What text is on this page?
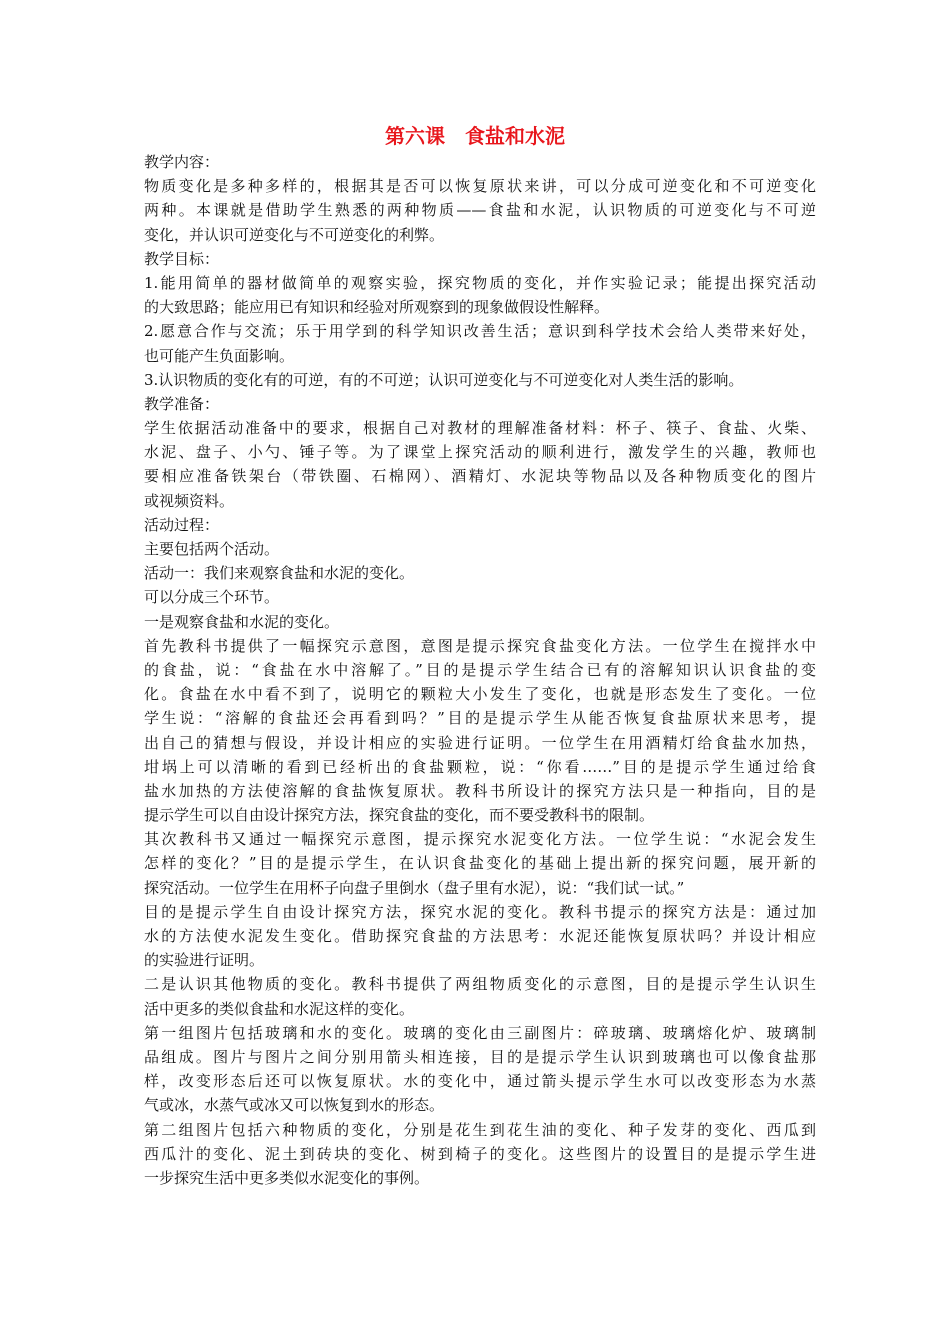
第六课　食盐和水泥
教学内容：
物质变化是多种多样的，根据其是否可以恢复原状来讲，可以分成可逆变化和不可逆变化
两种。本课就是借助学生熟悉的两种物质——食盐和水泥，认识物质的可逆变化与不可逆
变化，并认识可逆变化与不可逆变化的利弊。
教学目标：
1.能用简单的器材做简单的观察实验，探究物质的变化，并作实验记录；能提出探究活动
的大致思路；能应用已有知识和经验对所观察到的现象做假设性解释。
2.愿意合作与交流；乐于用学到的科学知识改善生活；意识到科学技术会给人类带来好处，
也可能产生负面影响。
3.认识物质的变化有的可逆，有的不可逆；认识可逆变化与不可逆变化对人类生活的影响。
教学准备：
学生依据活动准备中的要求，根据自己对教材的理解准备材料：杯子、筷子、食盐、火柴、
水泥、盘子、小勺、锤子等。为了课堂上探究活动的顺利进行，激发学生的兴趣，教师也
要相应准备铁架台（带铁圈、石棉网）、酒精灯、水泥块等物品以及各种物质变化的图片
或视频资料。
活动过程：
主要包括两个活动。
活动一：我们来观察食盐和水泥的变化。
可以分成三个环节。
一是观察食盐和水泥的变化。
首先教科书提供了一幅探究示意图，意图是提示探究食盐变化方法。一位学生在搅拌水中
的食盐，说：“食盐在水中溶解了。”目的是提示学生结合已有的溶解知识认识食盐的变
化。食盐在水中看不到了，说明它的颗粒大小发生了变化，也就是形态发生了变化。一位
学生说：“溶解的食盐还会再看到吗？”目的是提示学生从能否恢复食盐原状来思考，提
出自己的猜想与假设，并设计相应的实验进行证明。一位学生在用酒精灯给食盐水加热，
坩埚上可以清晰的看到已经析出的食盐颗粒，说：“你看……”目的是提示学生通过给食
盐水加热的方法使溶解的食盐恢复原状。教科书所设计的探究方法只是一种指向，目的是
提示学生可以自由设计探究方法，探究食盐的变化，而不要受教科书的限制。
其次教科书又通过一幅探究示意图，提示探究水泥变化方法。一位学生说：“水泥会发生
怎样的变化？”目的是提示学生，在认识食盐变化的基础上提出新的探究问题，展开新的
探究活动。一位学生在用杯子向盘子里倒水（盘子里有水泥），说：“我们试一试。”
目的是提示学生自由设计探究方法，探究水泥的变化。教科书提示的探究方法是：通过加
水的方法使水泥发生变化。借助探究食盐的方法思考：水泥还能恢复原状吗？并设计相应
的实验进行证明。
二是认识其他物质的变化。教科书提供了两组物质变化的示意图，目的是提示学生认识生
活中更多的类似食盐和水泥这样的变化。
第一组图片包括玻璃和水的变化。玻璃的变化由三副图片：碎玻璃、玻璃熔化炉、玻璃制
品组成。图片与图片之间分别用箭头相连接，目的是提示学生认识到玻璃也可以像食盐那
样，改变形态后还可以恢复原状。水的变化中，通过箭头提示学生水可以改变形态为水蒸
气或冰，水蒸气或冰又可以恢复到水的形态。
第二组图片包括六种物质的变化，分别是花生到花生油的变化、种子发芽的变化、西瓜到
西瓜汁的变化、泥土到砖块的变化、树到椅子的变化。这些图片的设置目的是提示学生进
一步探究生活中更多类似水泥变化的事例。
